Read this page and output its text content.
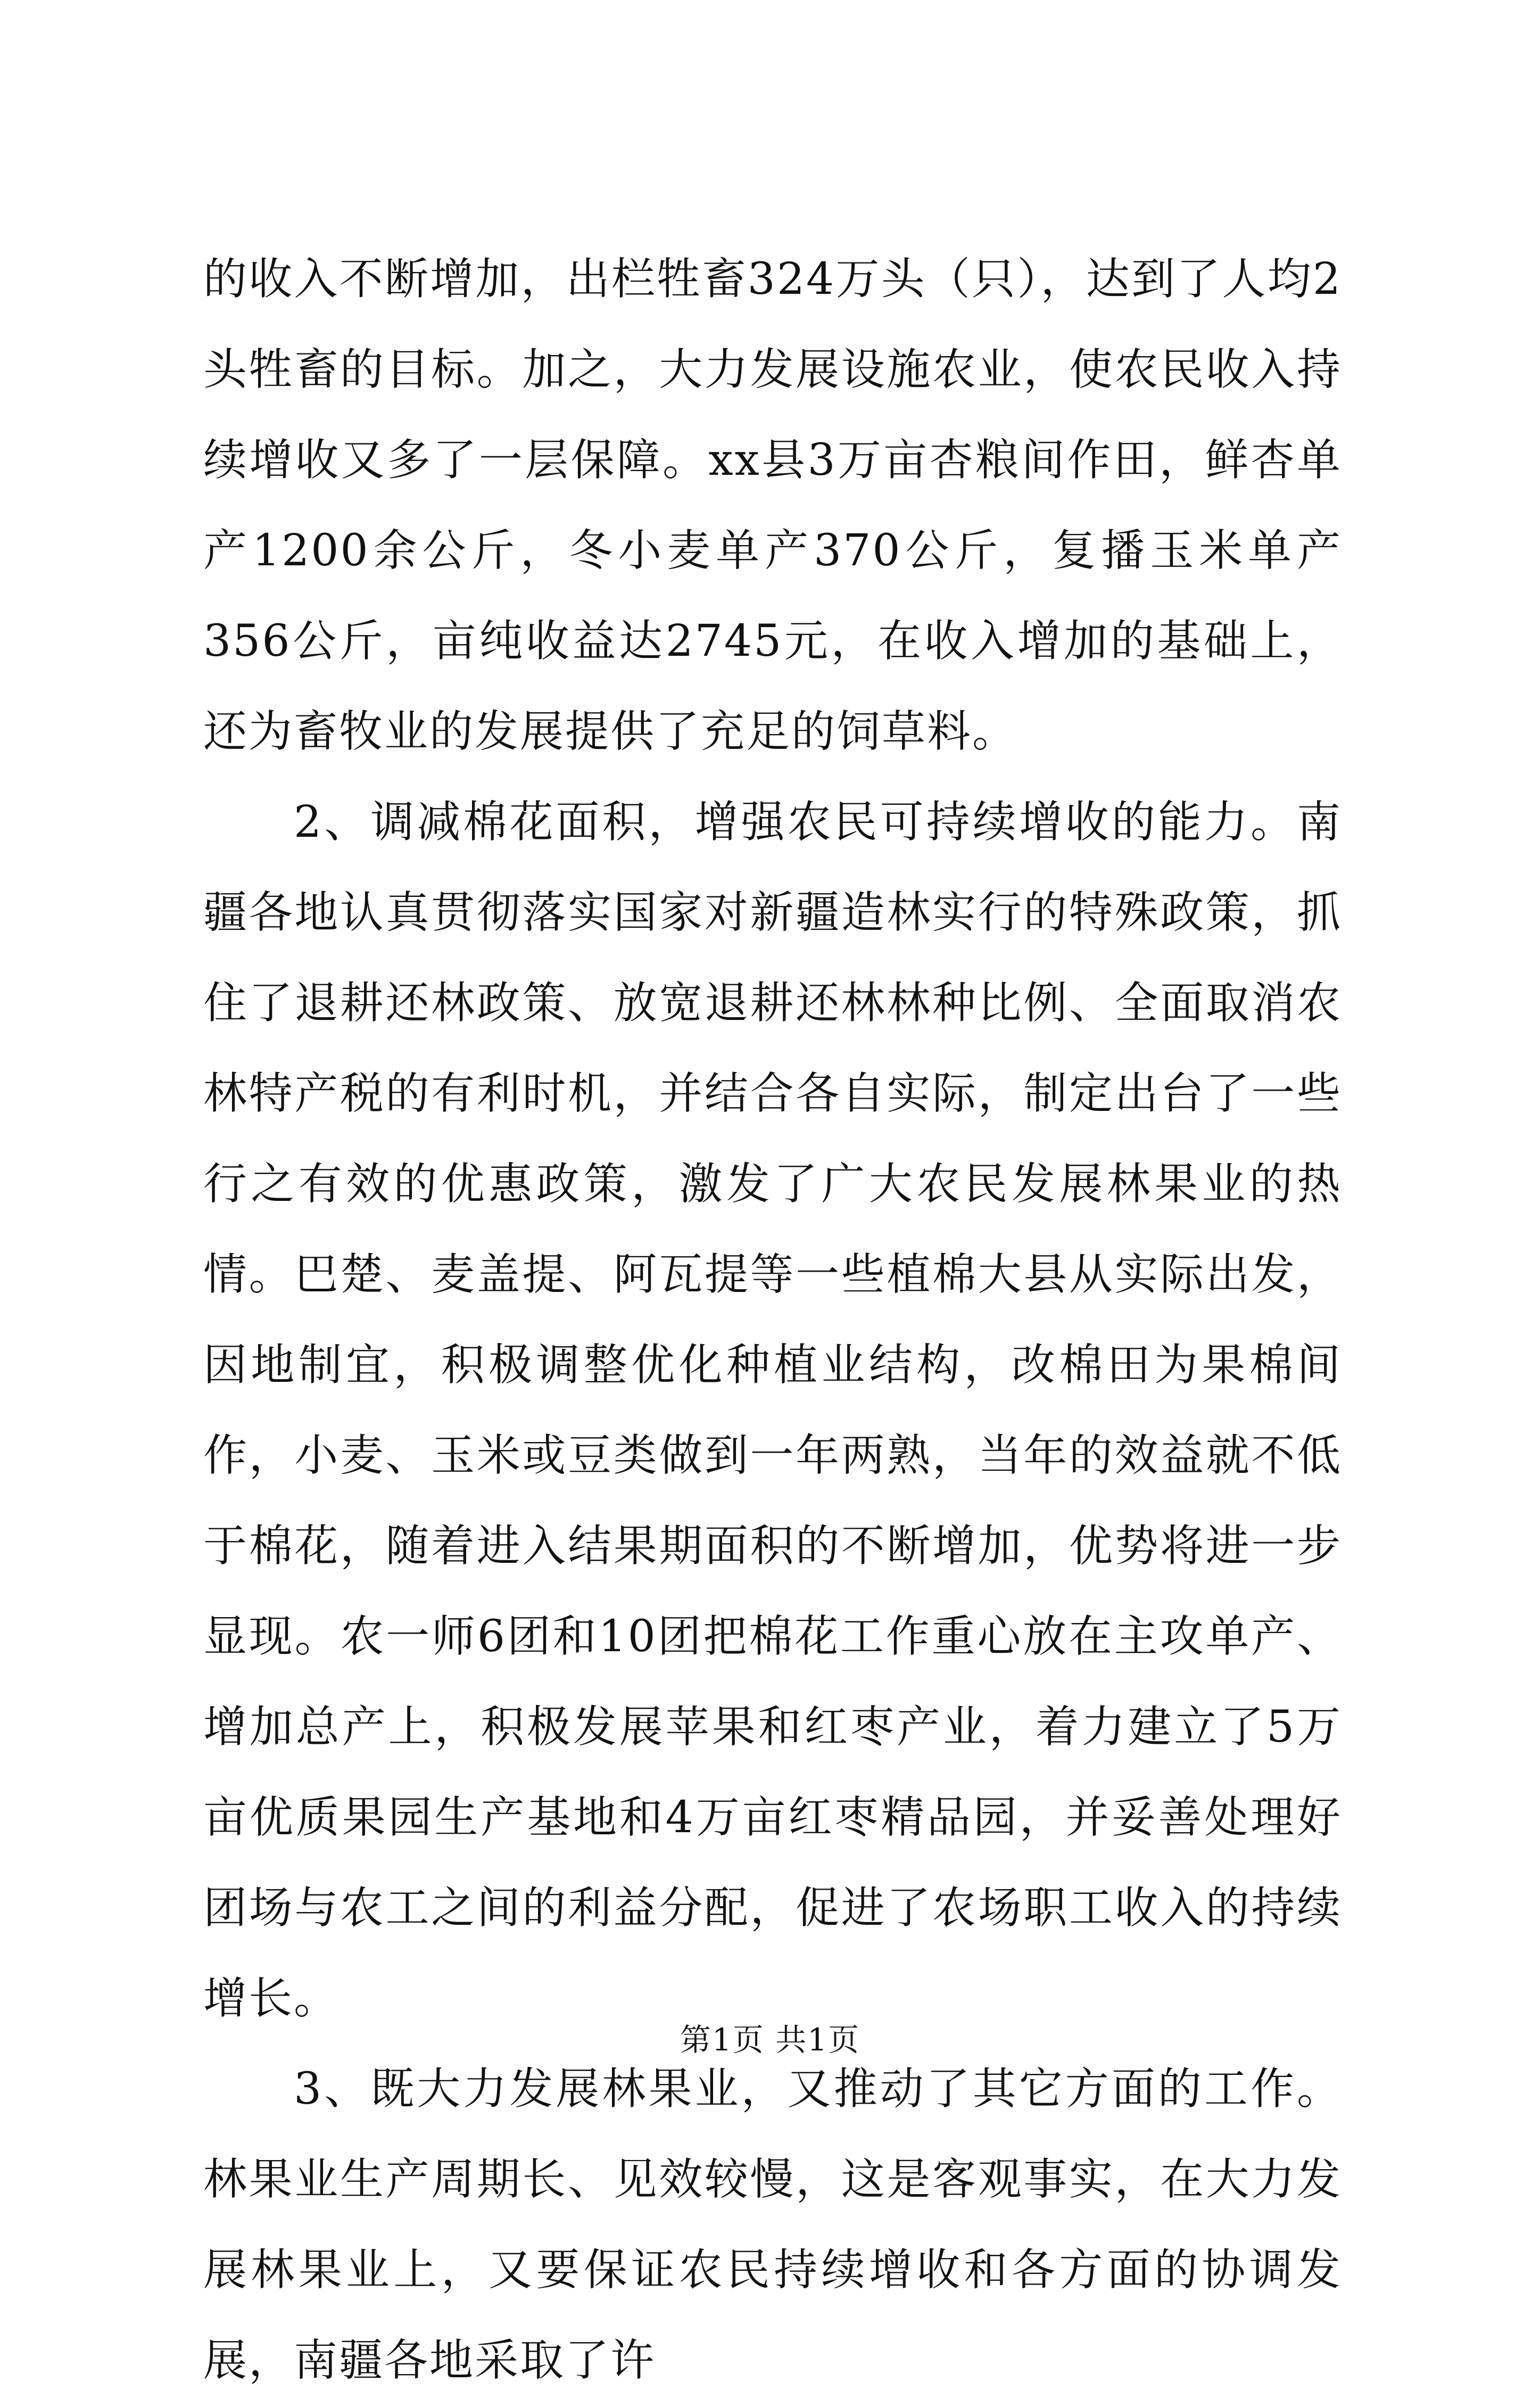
的收入不断增加，出栏牲畜324万头（只），达到了人均2头牲畜的目标。加之，大力发展设施农业，使农民收入持续增收又多了一层保障。xx县3万亩杏粮间作田，鲜杏单产1200余公斤，冬小麦单产370公斤，复播玉米单产356公斤，亩纯收益达2745元，在收入增加的基础上，还为畜牧业的发展提供了充足的饲草料。

2、调减棉花面积，增强农民可持续增收的能力。南疆各地认真贯彻落实国家对新疆造林实行的特殊政策，抓住了退耕还林政策、放宽退耕还林林种比例、全面取消农林特产税的有利时机，并结合各自实际，制定出台了一些行之有效的优惠政策，激发了广大农民发展林果业的热情。巴楚、麦盖提、阿瓦提等一些植棉大县从实际出发，因地制宜，积极调整优化种植业结构，改棉田为果棉间作，小麦、玉米或豆类做到一年两熟，当年的效益就不低于棉花，随着进入结果期面积的不断增加，优势将进一步显现。农一师6团和10团把棉花工作重心放在主攻单产、增加总产上，积极发展苹果和红枣产业，着力建立了5万亩优质果园生产基地和4万亩红枣精品园，并妥善处理好团场与农工之间的利益分配，促进了农场职工收入的持续增长。

3、既大力发展林果业，又推动了其它方面的工作。林果业生产周期长、见效较慢，这是客观事实，在大力发展林果业上，又要保证农民持续增收和各方面的协调发展，南疆各地采取了许

第1页 共1页
